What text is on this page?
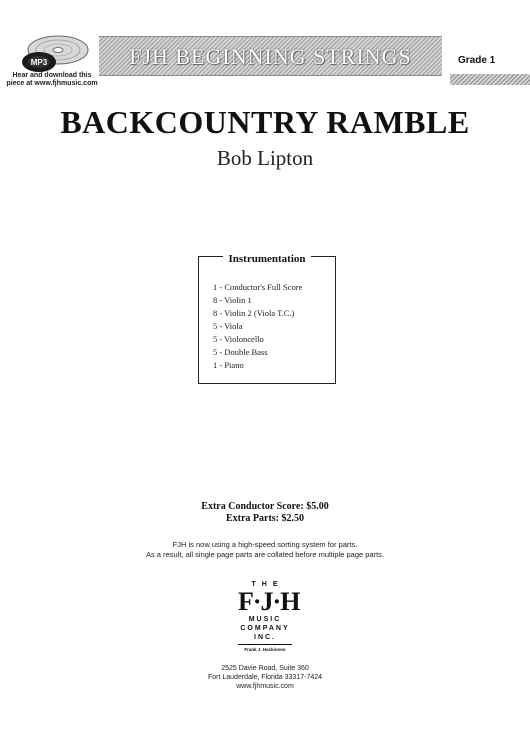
MP3
Hear and download this
piece at www.fjhmusic.com
FJH BEGINNING STRINGS	Grade 1
BACKCOUNTRY RAMBLE
Bob Lipton
Instrumentation
1 - Conductor's Full Score
8 - Violin 1
8 - Violin 2 (Viola T.C.)
5 - Viola
5 - Violoncello
5 - Double Bass
1 - Piano
Extra Conductor Score: $5.00
Extra Parts: $2.50
FJH is now using a high-speed sorting system for parts.
As a result, all single page parts are collated before multiple page parts.
THE
F·J·H
MUSIC
COMPANY
INC.
Frank J. Hackinson
2525 Davie Road, Suite 360
Fort Lauderdale, Florida 33317-7424
www.fjhmusic.com
